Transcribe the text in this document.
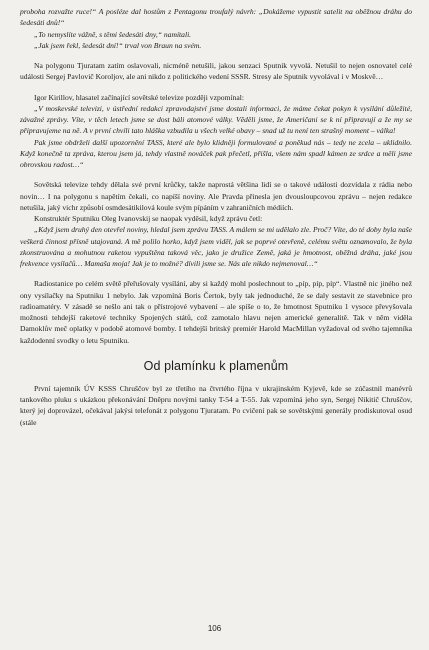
proboha rozvažte ruce!“ A posléze dal hostům z Pentagonu troufalý návrh: „Dokážeme vypustit satelit na oběžnou dráhu do šedesáti dnů!“

„To nemyslíte vážně, s těmi šedesáti dny,“ namítali.

„Jak jsem řekl, šedesát dní!“ trval von Braun na svém.

Na polygonu Tjuratam zatím oslavovali, nicméně netušili, jakou senzaci Sputnik vyvolá. Netušil to nejen osnovatel celé události Sergej Pavlovič Koroljov, ale ani nikdo z politického vedení SSSR. Stresy ale Sputnik vyvolával i v Moskvě…

Igor Kirillov, hlasatel začínající sovětské televize později vzpomínal:

„V moskevské televizi, v ústřední redakci zpravodajství jsme dostali informaci, že máme čekat pokyn k vysílání důležité, závažné zprávy. Víte, v těch letech jsme se dost báli atomové války. Věděli jsme, že Američani se k ní připravují a že my se připravujeme na ně. A v první chvíli tato hláška vzbudila u všech velké obavy – snad už tu není ten strašný moment – válka!

Pak jsme obdrželi další upozornění TASS, které ale bylo klidněji formulované a poněkud nás – tedy ne zcela – uklidnilo. Když konečně ta zpráva, kterou jsem já, tehdy vlastně nováček pak přečetl, přišla, všem nám spadl kámen ze srdce a měli jsme obrovskou radost…“

Sovětská televize tehdy dělala své první krůčky, takže naprostá většina lidí se o takové události dozvídala z rádia nebo novin… I na polygonu s napětím čekali, co napíší noviny. Ale Pravda přinesla jen dvousloupcovou zprávu – nejen redakce netušila, jaký vichr způsobí osmdesátikilová koule svým pípáním v zahraničních médiích.

Konstruktér Sputniku Oleg Ivanovskij se naopak vyděsil, když zprávu četl:

„Když jsem druhý den otevřel noviny, hledal jsem zprávu TASS. A málem se mi udělalo zle. Proč? Víte, do té doby byla naše veškerá činnost přísně utajovaná. A mě polilo horko, když jsem viděl, jak se poprvé otevřeně, celému světu oznamovalo, že byla zkonstruována a mohutnou raketou vypuštěna taková věc, jako je družice Země, jaká je hmotnost, oběžná dráha, jaké jsou frekvence vysílačů… Mamaša moja! Jak je to možné? dívili jsme se. Nás ale nikdo nejmenoval…“

Radiostanice po celém světě přeřušovaly vysílání, aby si každý mohl poslechnout to „píp, píp, píp“. Vlastně nic jiného než ony vysílačky na Sputniku 1 nebylo. Jak vzpomíná Boris Čertok, byly tak jednoduché, že se daly sestavit ze stavebnice pro radioamatéry. V zásadě se nešlo ani tak o přístrojové vybavení – ale spíše o to, že hmotnost Sputniku 1 vysoce převyšovala možnosti tehdejší raketové techniky Spojených států, což zamotalo hlavu nejen americké generalitě. Tak v něm viděla Damoklův meč oplatky v podobě atomové bomby. I tehdejší britský premiér Harold MacMillan vyžadoval od svého tajemníka každodenní svodky o letu Sputniku.

Od plamínku k plamenům

První tajemník ÚV KSSS Chruščov byl ze třetího na čtvrtého října v ukrajinském Kyjevě, kde se zúčastnil manévrů tankového pluku s ukázkou překonávání Dněpru novými tanky T-54 a T-55. Jak vzpomíná jeho syn, Sergej Nikitič Chruščov, který jej doprovázel, očekával jakýsi telefonát z polygonu Tjuratam. Po cvičení pak se sovětskými generály prodiskutoval osud (stále

106
